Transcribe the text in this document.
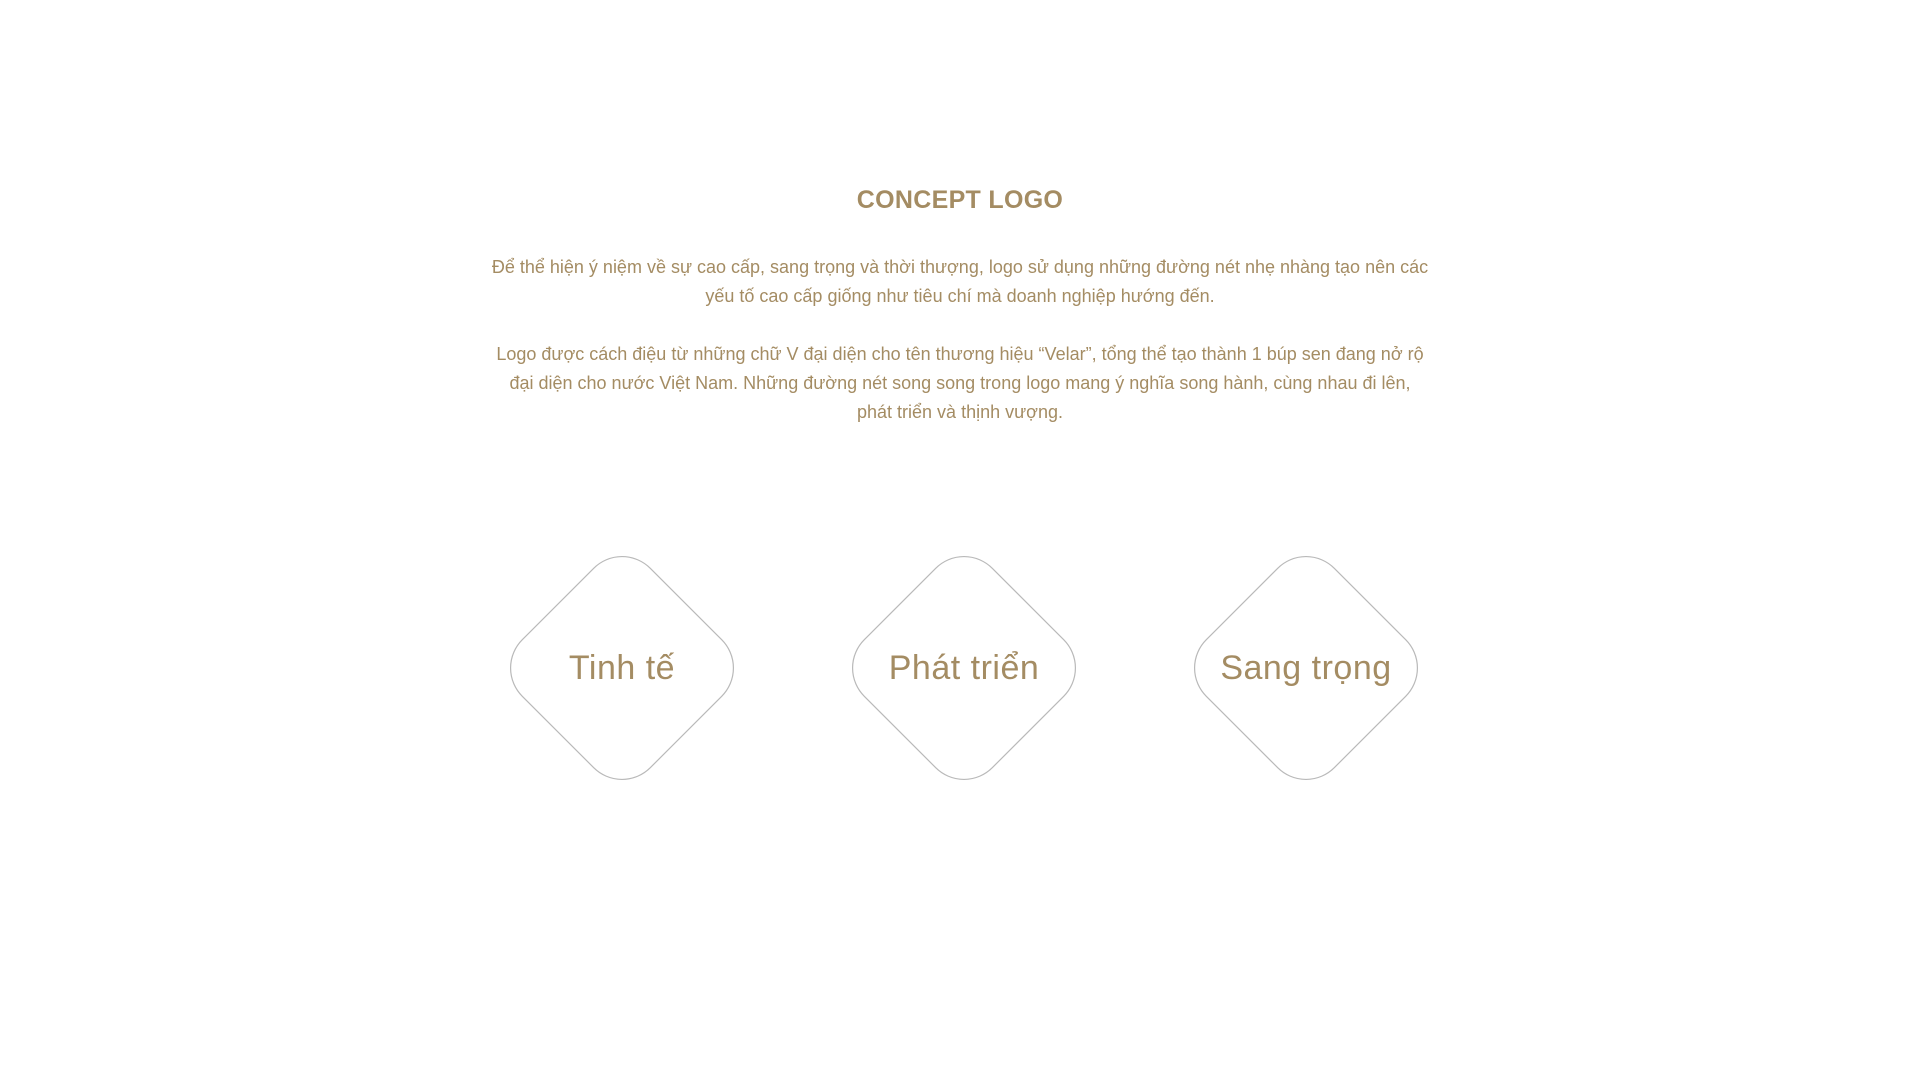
CONCEPT LOGO

Để thể hiện ý niệm về sự cao cấp, sang trọng và thời thượng, logo sử dụng những đường nét nhẹ nhàng tạo nên các
yếu tố cao cấp giống như tiêu chí mà doanh nghiệp hướng đến.

Logo được cách điệu từ những chữ V đại diện cho tên thương hiệu “Velar”, tổng thể tạo thành 1 búp sen đang nở rộ
đại diện cho nước Việt Nam. Những đường nét song song trong logo mang ý nghĩa song hành, cùng nhau đi lên,
phát triển và thịnh vượng.

Tinh tế	Phát triển	Sang trọng
